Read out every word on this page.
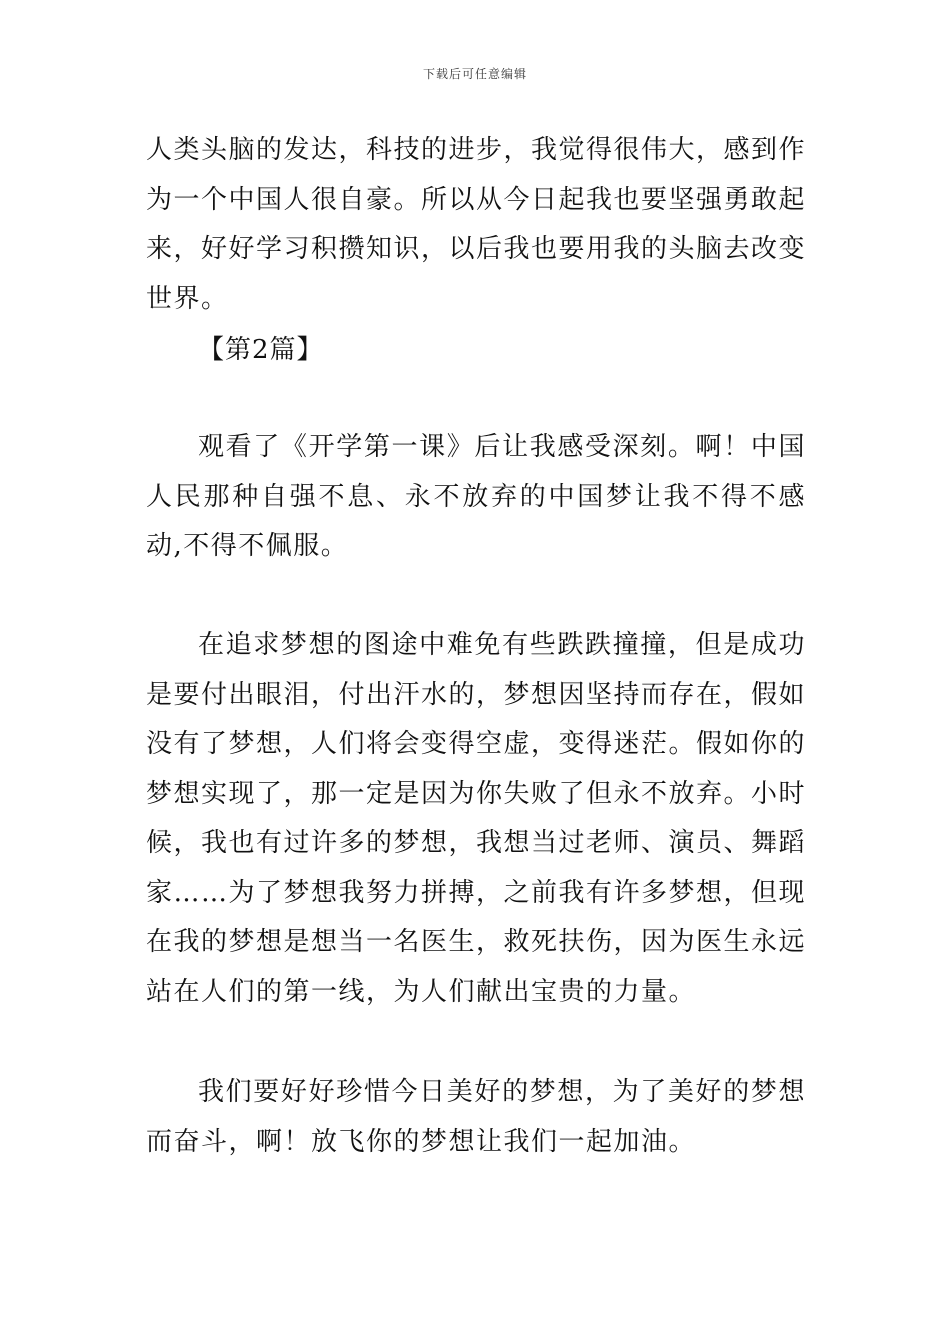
下载后可任意编辑

人类头脑的发达，科技的进步，我觉得很伟大，感到作为一个中国人很自豪。所以从今日起我也要坚强勇敢起来，好好学习积攒知识，以后我也要用我的头脑去改变世界。

【第2篇】

观看了《开学第一课》后让我感受深刻。啊！中国人民那种自强不息、永不放弃的中国梦让我不得不感动,不得不佩服。

在追求梦想的图途中难免有些跌跌撞撞，但是成功是要付出眼泪，付出汗水的，梦想因坚持而存在，假如没有了梦想，人们将会变得空虚，变得迷茫。假如你的梦想实现了，那一定是因为你失败了但永不放弃。小时候，我也有过许多的梦想，我想当过老师、演员、舞蹈家……为了梦想我努力拼搏，之前我有许多梦想，但现在我的梦想是想当一名医生，救死扶伤，因为医生永远站在人们的第一线，为人们献出宝贵的力量。

我们要好好珍惜今日美好的梦想，为了美好的梦想而奋斗，啊！放飞你的梦想让我们一起加油。
